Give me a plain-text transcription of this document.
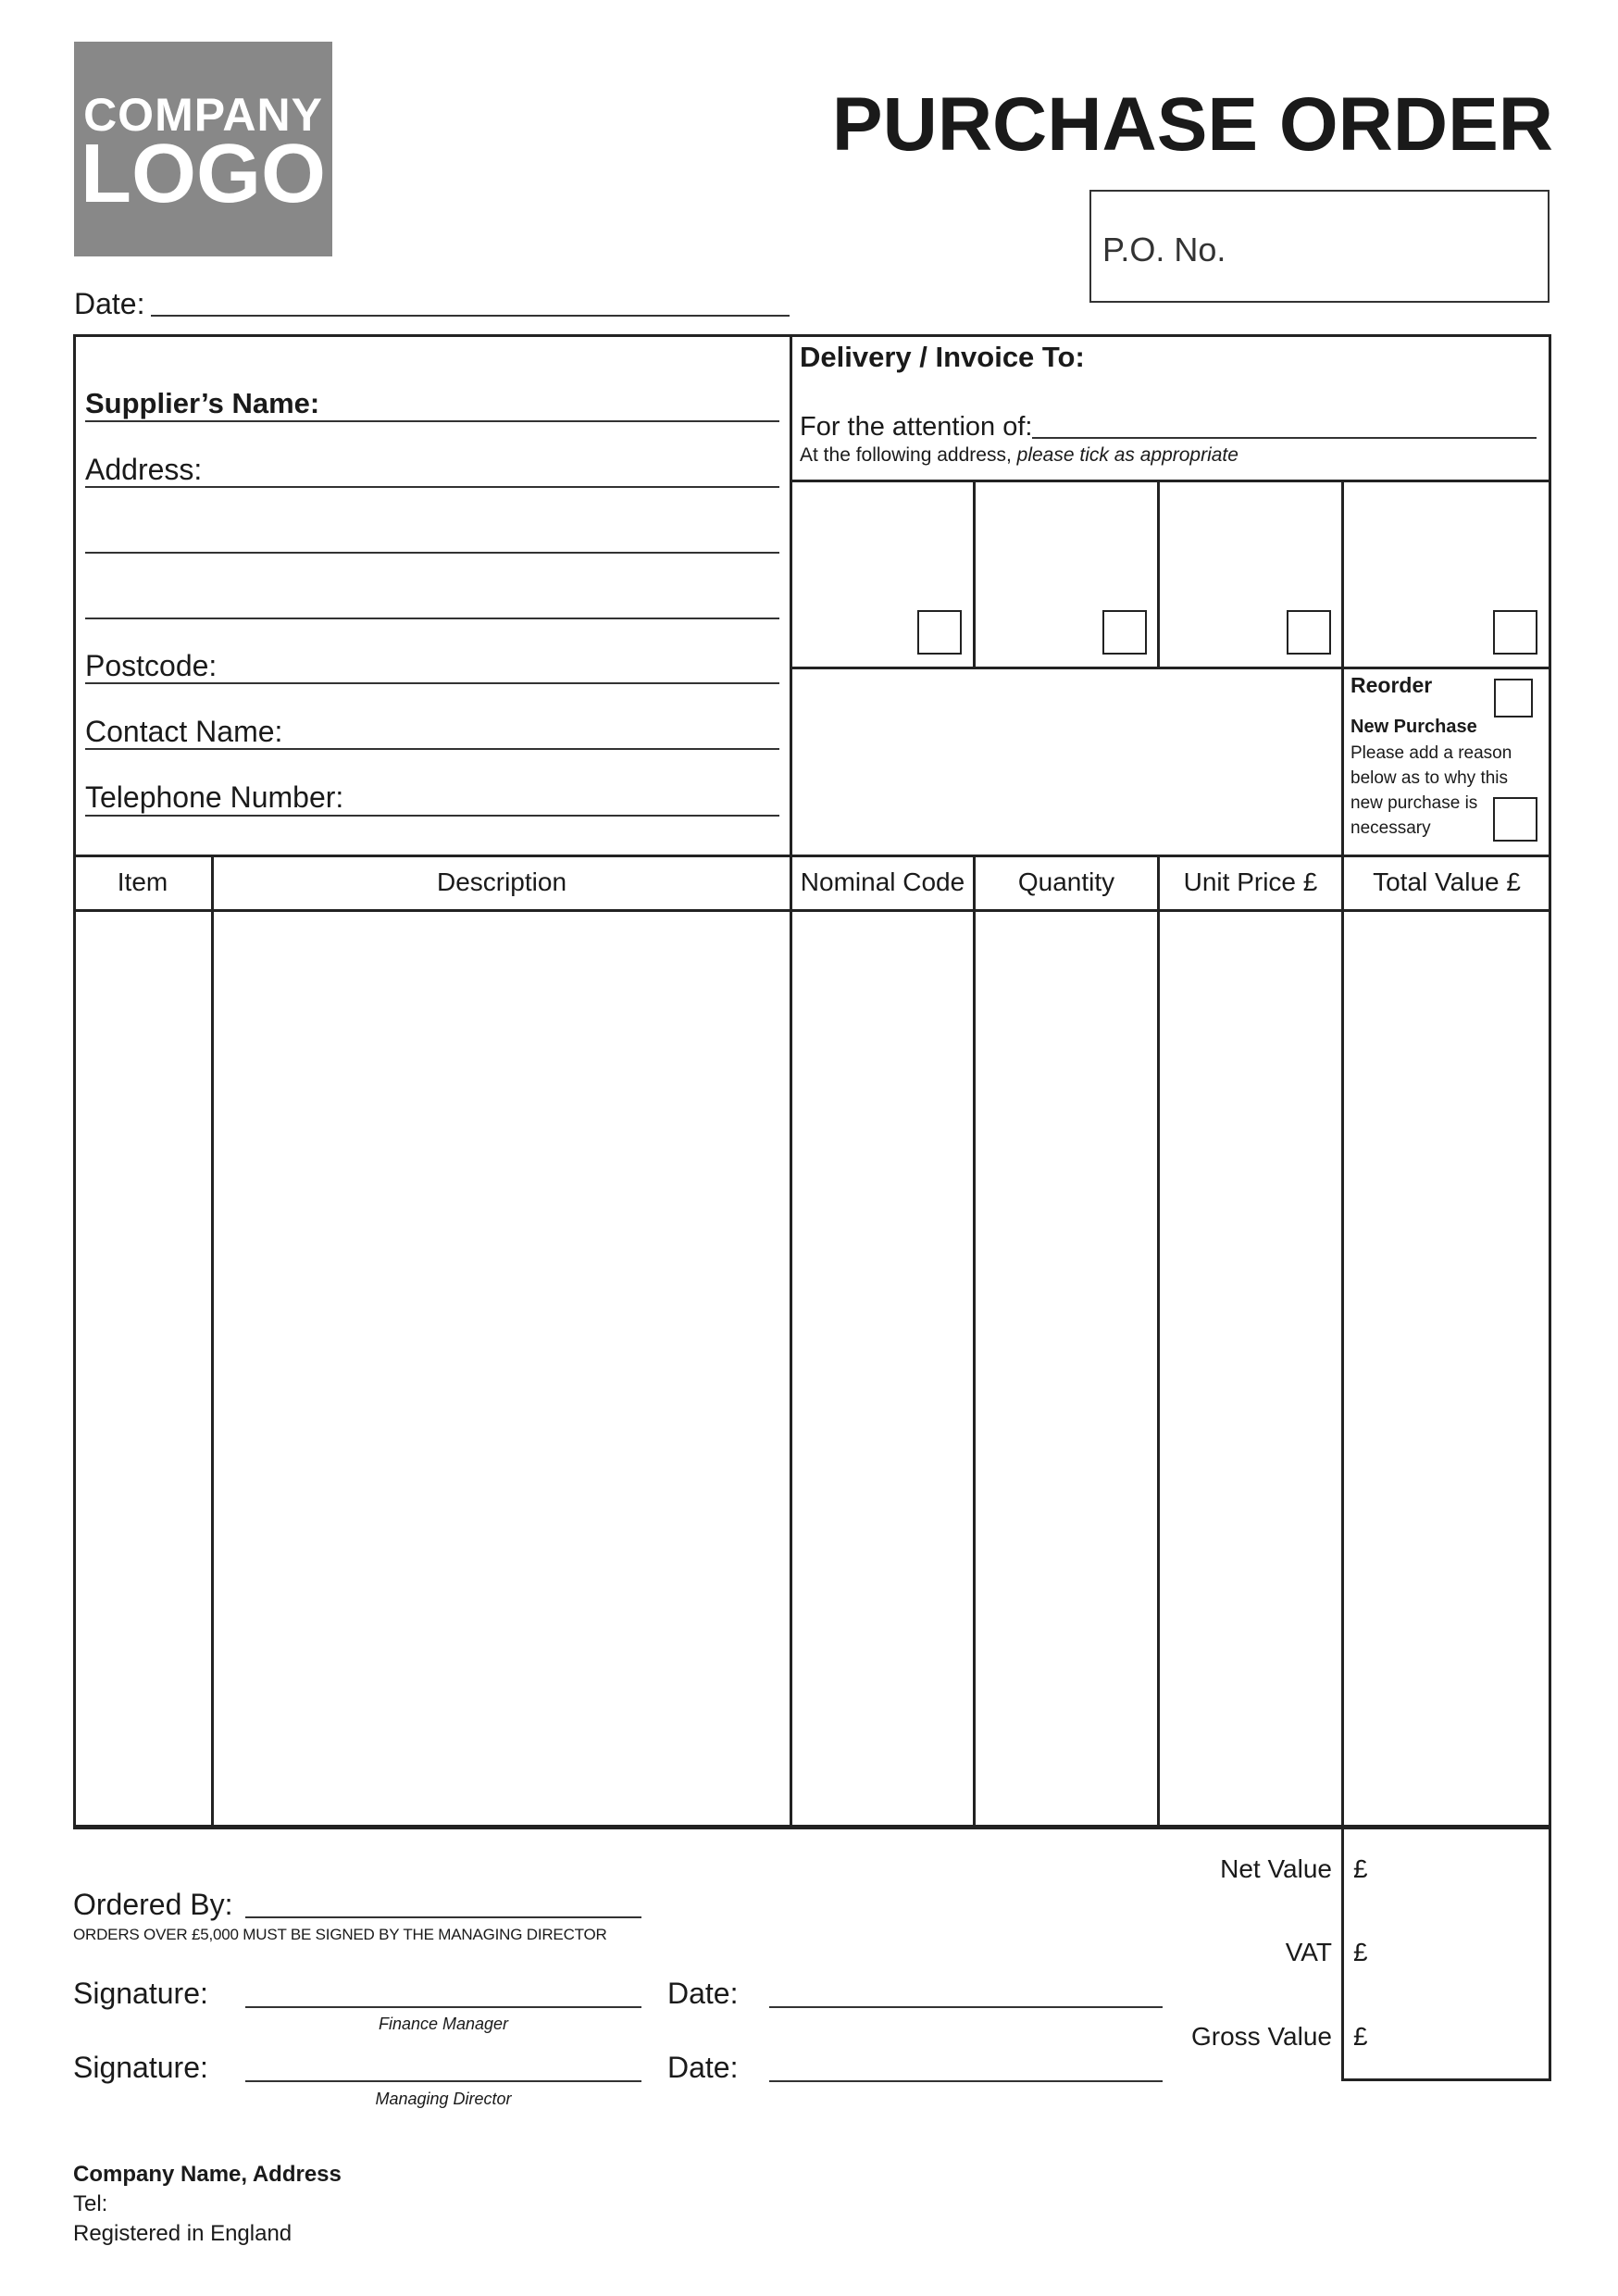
COMPANY
LOGO
PURCHASE ORDER
P.O. No.
Date:
Supplier’s Name:
Address:
Postcode:
Contact Name:
Telephone Number:
Delivery / Invoice To:
For the attention of:
At the following address, please tick as appropriate
Reorder
New Purchase
Please add a reason below as to why this new purchase is necessary
Item	Description	Nominal Code	Quantity	Unit Price £	Total Value £
Net Value £
VAT £
Gross Value £
Ordered By:
ORDERS OVER £5,000 MUST BE SIGNED BY THE MANAGING DIRECTOR
Signature:
Finance Manager
Date:
Signature:
Managing Director
Date:
Company Name, Address
Tel:
Registered in England
